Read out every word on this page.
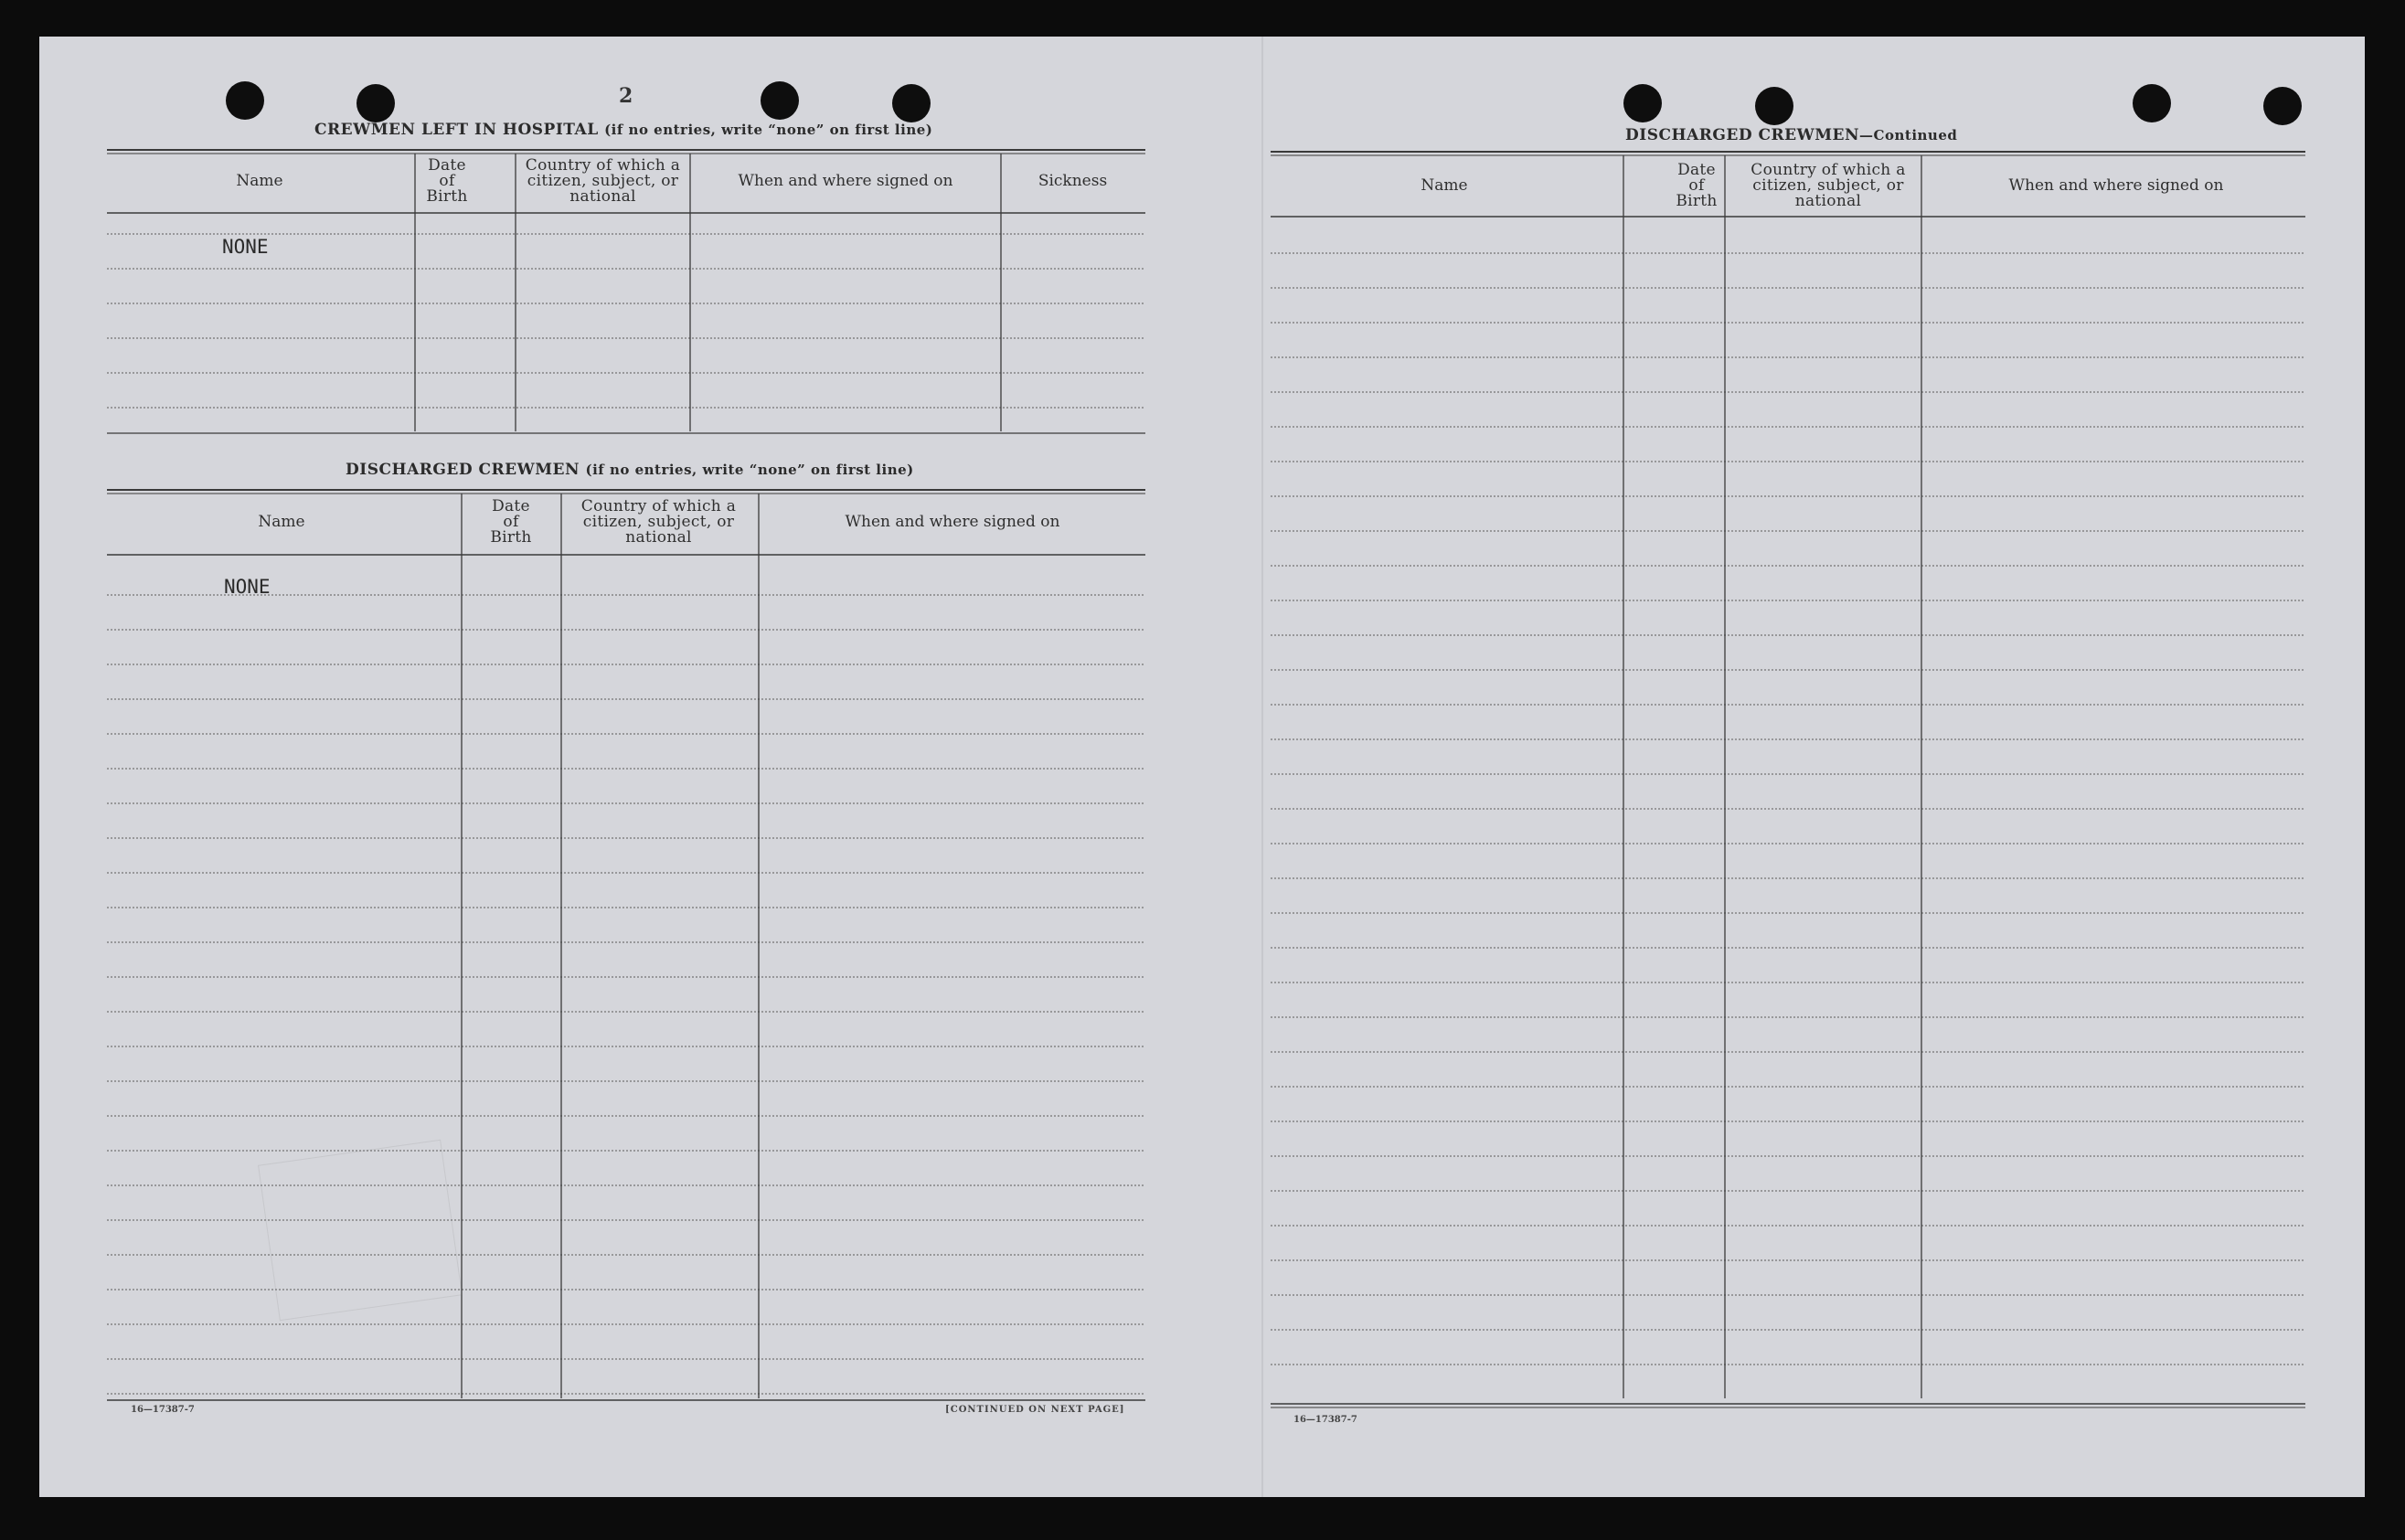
2
CREWMEN LEFT IN HOSPITAL (if no entries, write “none” on first line)
Name
Date of Birth
Country of which a citizen, subject, or national
When and where signed on	Sickness
NONE
DISCHARGED CREWMEN (if no entries, write “none” on first line)
Name
Date of Birth
Country of which a citizen, subject, or national
When and where signed on
NONE
16—17387-7	[CONTINUED ON NEXT PAGE]
DISCHARGED CREWMEN—Continued
Name
Date of Birth
Country of which a citizen, subject, or national
When and where signed on
16—17387-7
